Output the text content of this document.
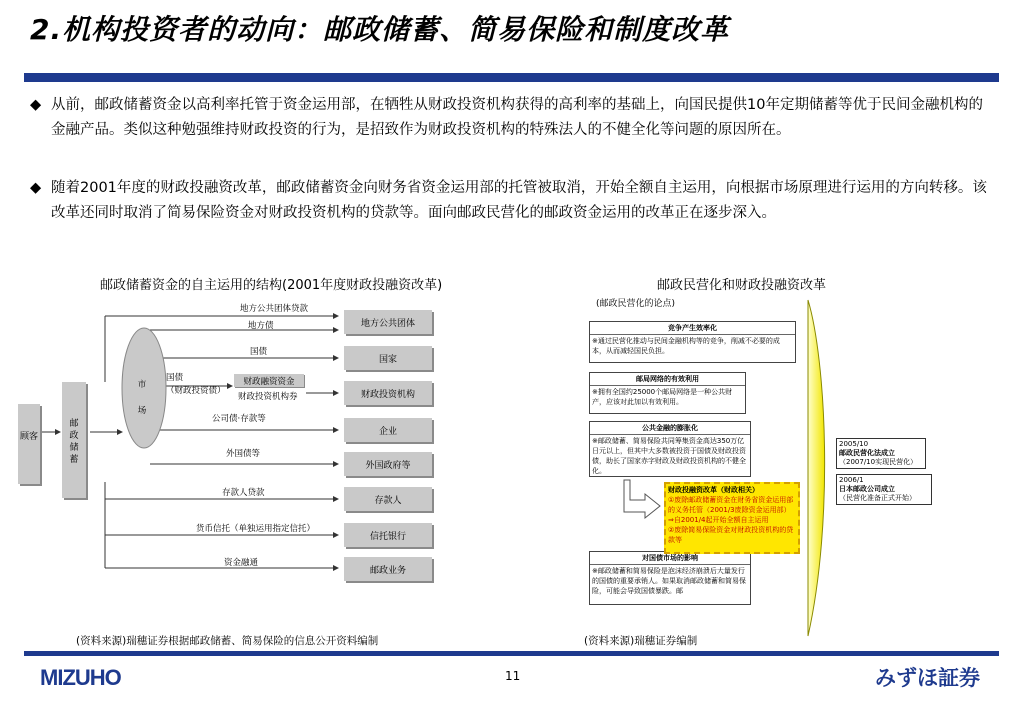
2.机构投资者的动向：邮政储蓄、简易保险和制度改革
◆ 从前，邮政储蓄资金以高利率托管于资金运用部，在牺牲从财政投资机构获得的高利率的基础上，向国民提供10年定期储蓄等优于民间金融机构的金融产品。类似这种勉强维持财政投资的行为，是招致作为财政投资机构的特殊法人的不健全化等问题的原因所在。
◆ 随着2001年度的财政投融资改革，邮政储蓄资金向财务省资金运用部的托管被取消，开始全额自主运用，向根据市场原理进行运用的方向转移。该改革还同时取消了简易保险资金对财政投资机构的贷款等。面向邮政民营化的邮政资金运用的改革正在逐步深入。
邮政储蓄资金的自主运用的结构(2001年度财政投融资改革)
顾客
邮政储蓄
市场
地方公共团体贷款
地方债
国债
国债
（财政投资债）
财政融资资金
财政投资机构券
公司债·存款等
外国债等
存款人贷款
货币信托（单独运用指定信托）
资金融通
地方公共团体
国家
财政投资机构
企业
外国政府等
存款人
信托银行
邮政业务
邮政民营化和财政投融资改革
(邮政民营化的论点)
竞争产生效率化
※通过民营化推动与民间金融机构等的竞争，削减不必要的成本，从而减轻国民负担。
邮局网络的有效利用
※拥有全国约25000个邮局网络是一种公共财产，应该对此加以有效利用。
公共金融的膨胀化
※邮政储蓄、简易保险共同筹集资金高达350万亿日元以上，但其中大多数被投资于国债及财政投资债，助长了国家赤字财政及财政投资机构的不健全化。
对国债市场的影响
※邮政储蓄和简易保险是泡沫经济崩溃后大量发行的国债的重要承销人。如果取消邮政储蓄和简易保险，可能会导致国债暴跌。邮
财政投融资改革（财政相关）
①废除邮政储蓄资金在财务省资金运用部的义务托管（2001/3废除资金运用部）
⇒自2001/4起开始全额自主运用
②废除简易保险资金对财政投资机构的贷款等
2005/10
邮政民营化法成立
（2007/10实现民营化）
2006/1
日本邮政公司成立
（民营化准备正式开始）
(资料来源)瑞穗证券根据邮政储蓄、简易保险的信息公开资料编制	(资料来源)瑞穗证券编制
MIZUHO	11	みずほ証券
